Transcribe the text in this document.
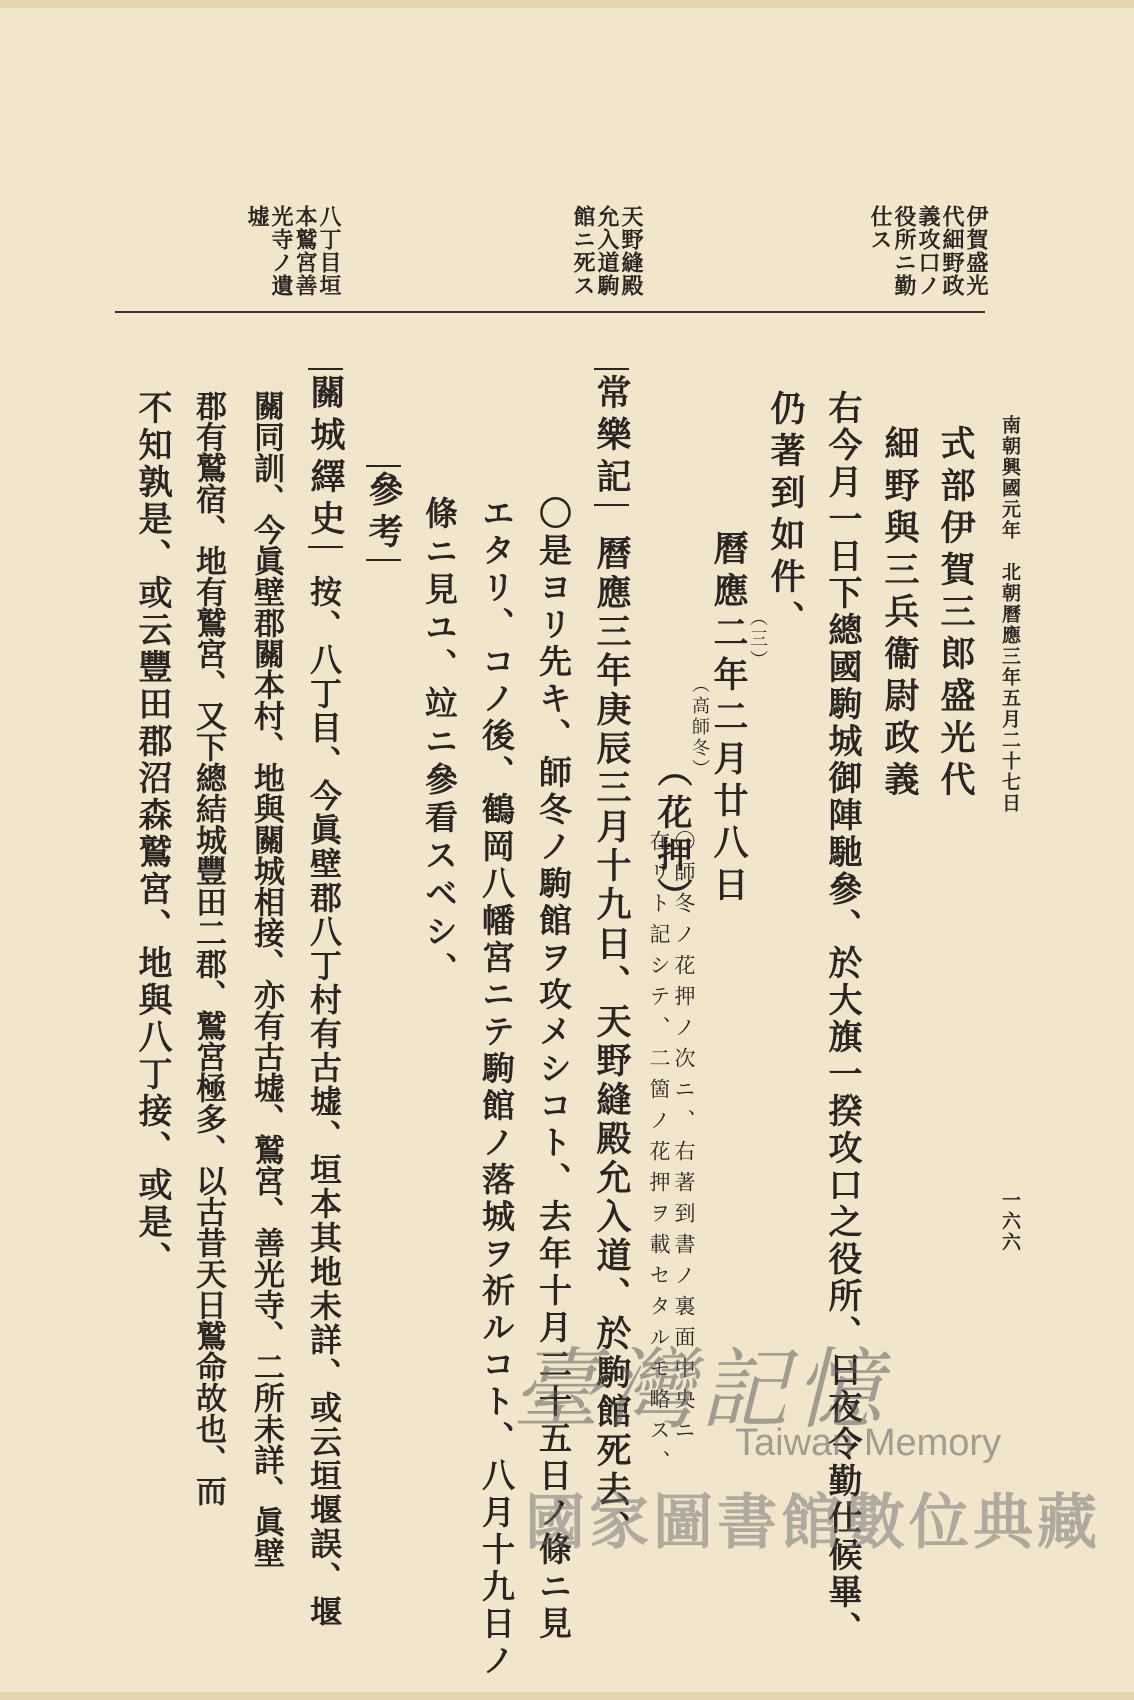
南朝興國元年　北朝曆應三年五月二十七日
一六六
伊賀盛光
代細野政
義攻口ノ
役所ニ勤
仕ス
天野縫殿
允入道駒
館ニ死ス
八丁目垣
本鷲宮善
光寺ノ遺
墟
式部伊賀三郎盛光代
細野與三兵衞尉政義
右今月一日下總國駒城御陣馳參、於大旗一揆攻口之役所、日夜令勤仕候畢、
仍著到如件、
曆應二年二月廿八日
（三）
（高師冬）
（花押）
〇師冬ノ花押ノ次ニ、右著到書ノ裏面中央ニ
在リト記シテ、二箇ノ花押ヲ載セタルモ略ス、
常樂記
曆應三年庚辰三月十九日、天野縫殿允入道、於駒館死去、
〇是ヨリ先キ、師冬ノ駒館ヲ攻メシコト、去年十月二十五日ノ條ニ見
エタリ、コノ後、鶴岡八幡宮ニテ駒館ノ落城ヲ祈ルコト、八月十九日ノ
條ニ見ユ、竝ニ參看スベシ、
參考
關城繹史
按、八丁目、今眞壁郡八丁村有古墟、垣本其地未詳、或云垣堰誤、堰
關同訓、今眞壁郡關本村、地與關城相接、亦有古墟、鷲宮、善光寺、二所未詳、眞壁
郡有鷲宿、地有鷲宮、又下總結城豐田二郡、鷲宮極多、以古昔天日鷲命故也、而
不知孰是、或云豐田郡沼森鷲宮、地與八丁接、或是、
臺灣記憶
Taiwan Memory
國家圖書館數位典藏
